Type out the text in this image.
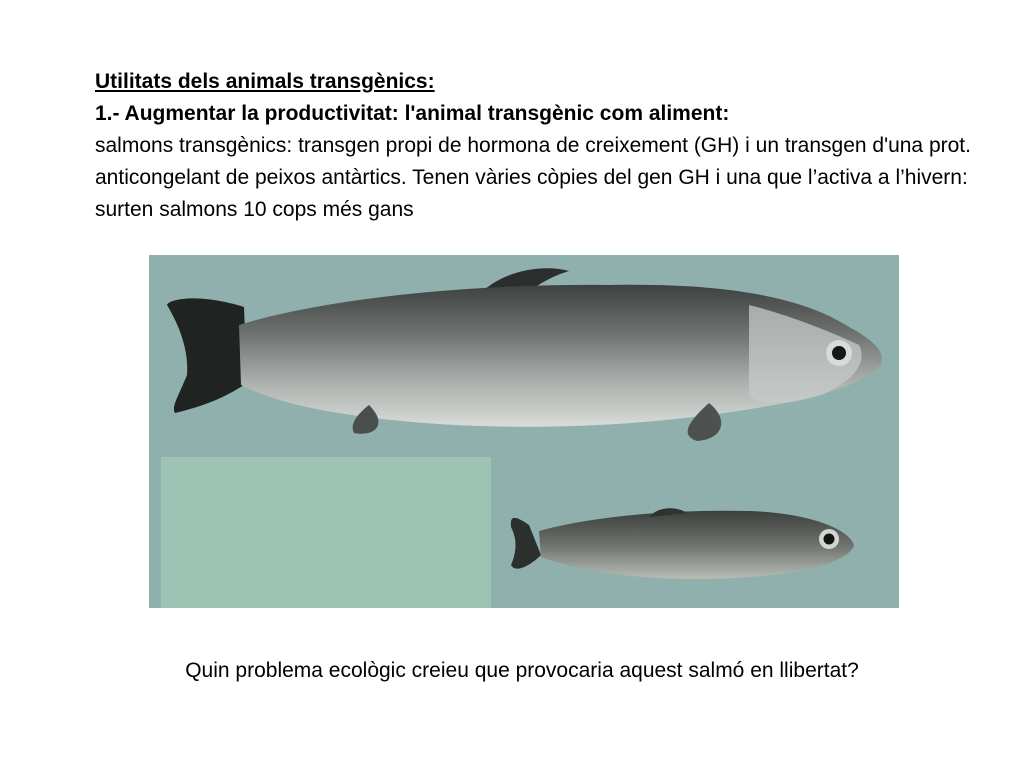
Utilitats dels animals transgènics:
1.- Augmentar la productivitat: l'animal transgènic com aliment:
salmons transgènics: transgen propi de hormona de creixement (GH) i un transgen d'una prot. anticongelant de peixos antàrtics. Tenen vàries còpies del gen GH i una que l’activa a l’hivern: surten salmons 10 cops més gans
Quin problema ecològic creieu que provocaria aquest salmó en llibertat?
